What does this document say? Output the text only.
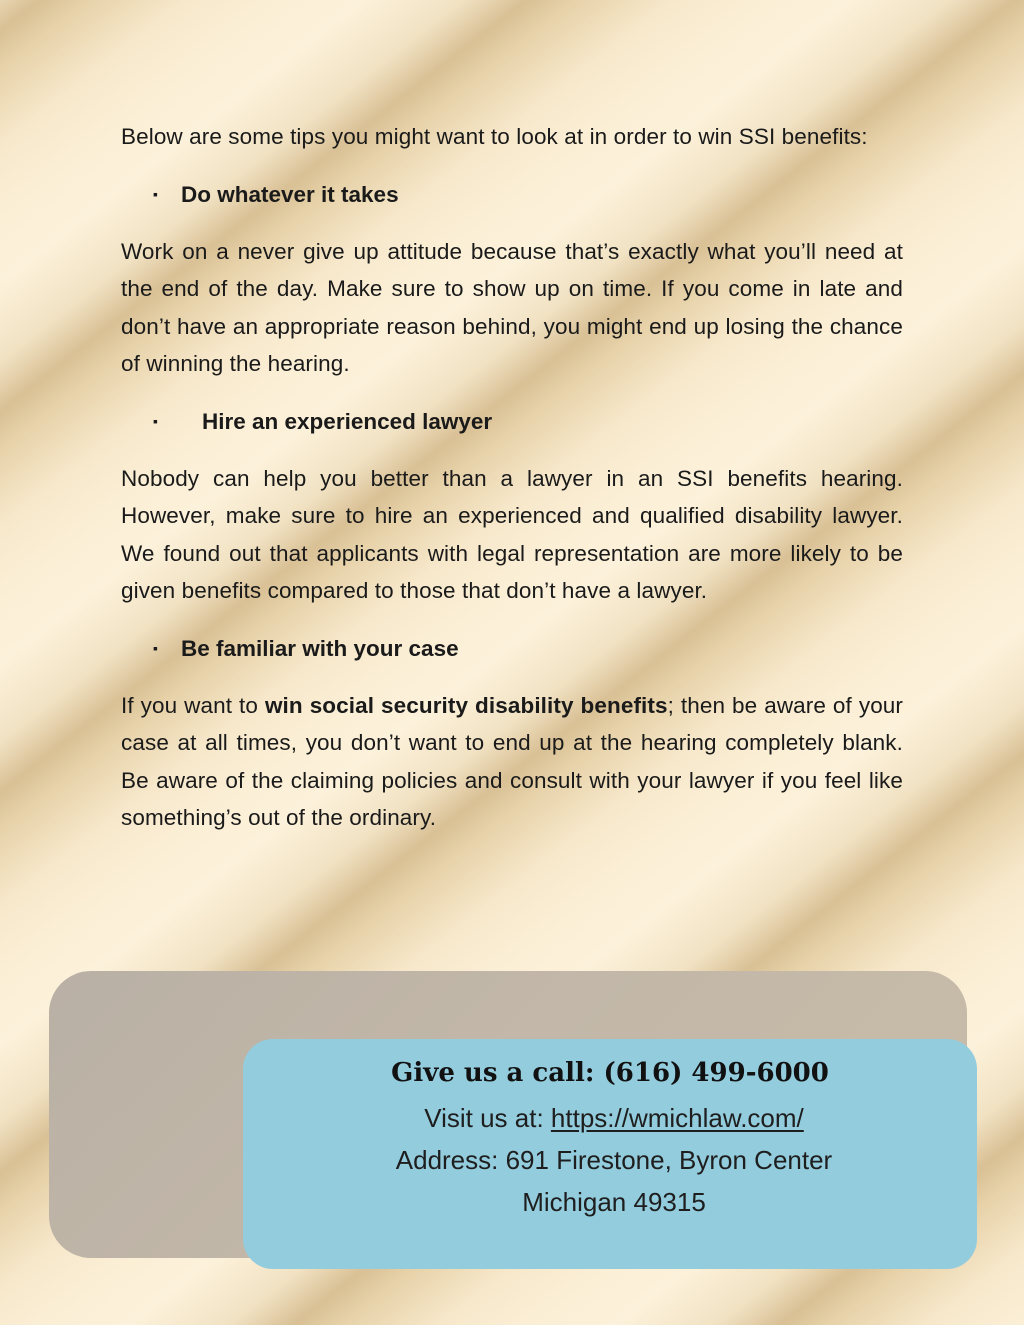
Below are some tips you might want to look at in order to win SSI benefits:

▪ Do whatever it takes

Work on a never give up attitude because that’s exactly what you’ll need at the end of the day. Make sure to show up on time. If you come in late and don’t have an appropriate reason behind, you might end up losing the chance of winning the hearing.

▪ Hire an experienced lawyer

Nobody can help you better than a lawyer in an SSI benefits hearing. However, make sure to hire an experienced and qualified disability lawyer. We found out that applicants with legal representation are more likely to be given benefits compared to those that don’t have a lawyer.

▪ Be familiar with your case

If you want to win social security disability benefits; then be aware of your case at all times, you don’t want to end up at the hearing completely blank. Be aware of the claiming policies and consult with your lawyer if you feel like something’s out of the ordinary.

Give us a call: (616) 499-6000
Visit us at: https://wmichlaw.com/
Address: 691 Firestone, Byron Center
Michigan 49315
